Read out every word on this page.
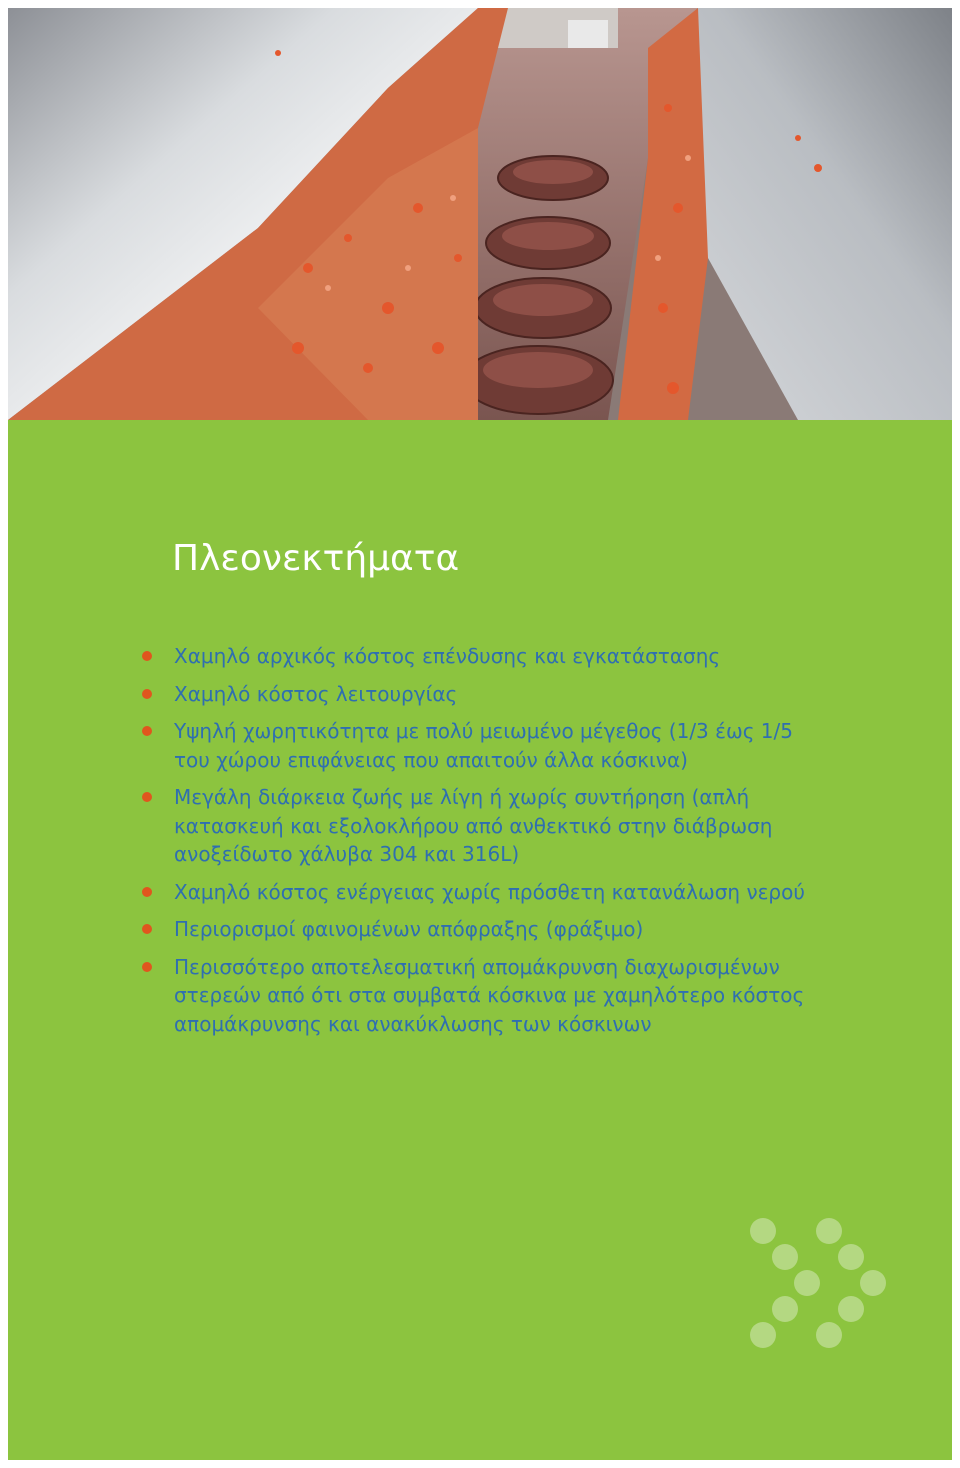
Πλεονεκτήματα
Χαμηλό αρχικός κόστος επένδυσης και εγκατάστασης
Χαμηλό κόστος λειτουργίας
Υψηλή χωρητικότητα με πολύ μειωμένο μέγεθος (1/3 έως 1/5
του χώρου επιφάνειας που απαιτούν άλλα κόσκινα)
Μεγάλη διάρκεια ζωής με λίγη ή χωρίς συντήρηση (απλή
κατασκευή και εξολοκλήρου από ανθεκτικό στην διάβρωση
ανοξείδωτο χάλυβα 304 και 316L)
Χαμηλό κόστος ενέργειας χωρίς πρόσθετη κατανάλωση νερού
Περιορισμοί φαινομένων απόφραξης (φράξιμο)
Περισσότερο αποτελεσματική απομάκρυνση διαχωρισμένων
στερεών από ότι στα συμβατά κόσκινα με χαμηλότερο κόστος
απομάκρυνσης και ανακύκλωσης των κόσκινων
